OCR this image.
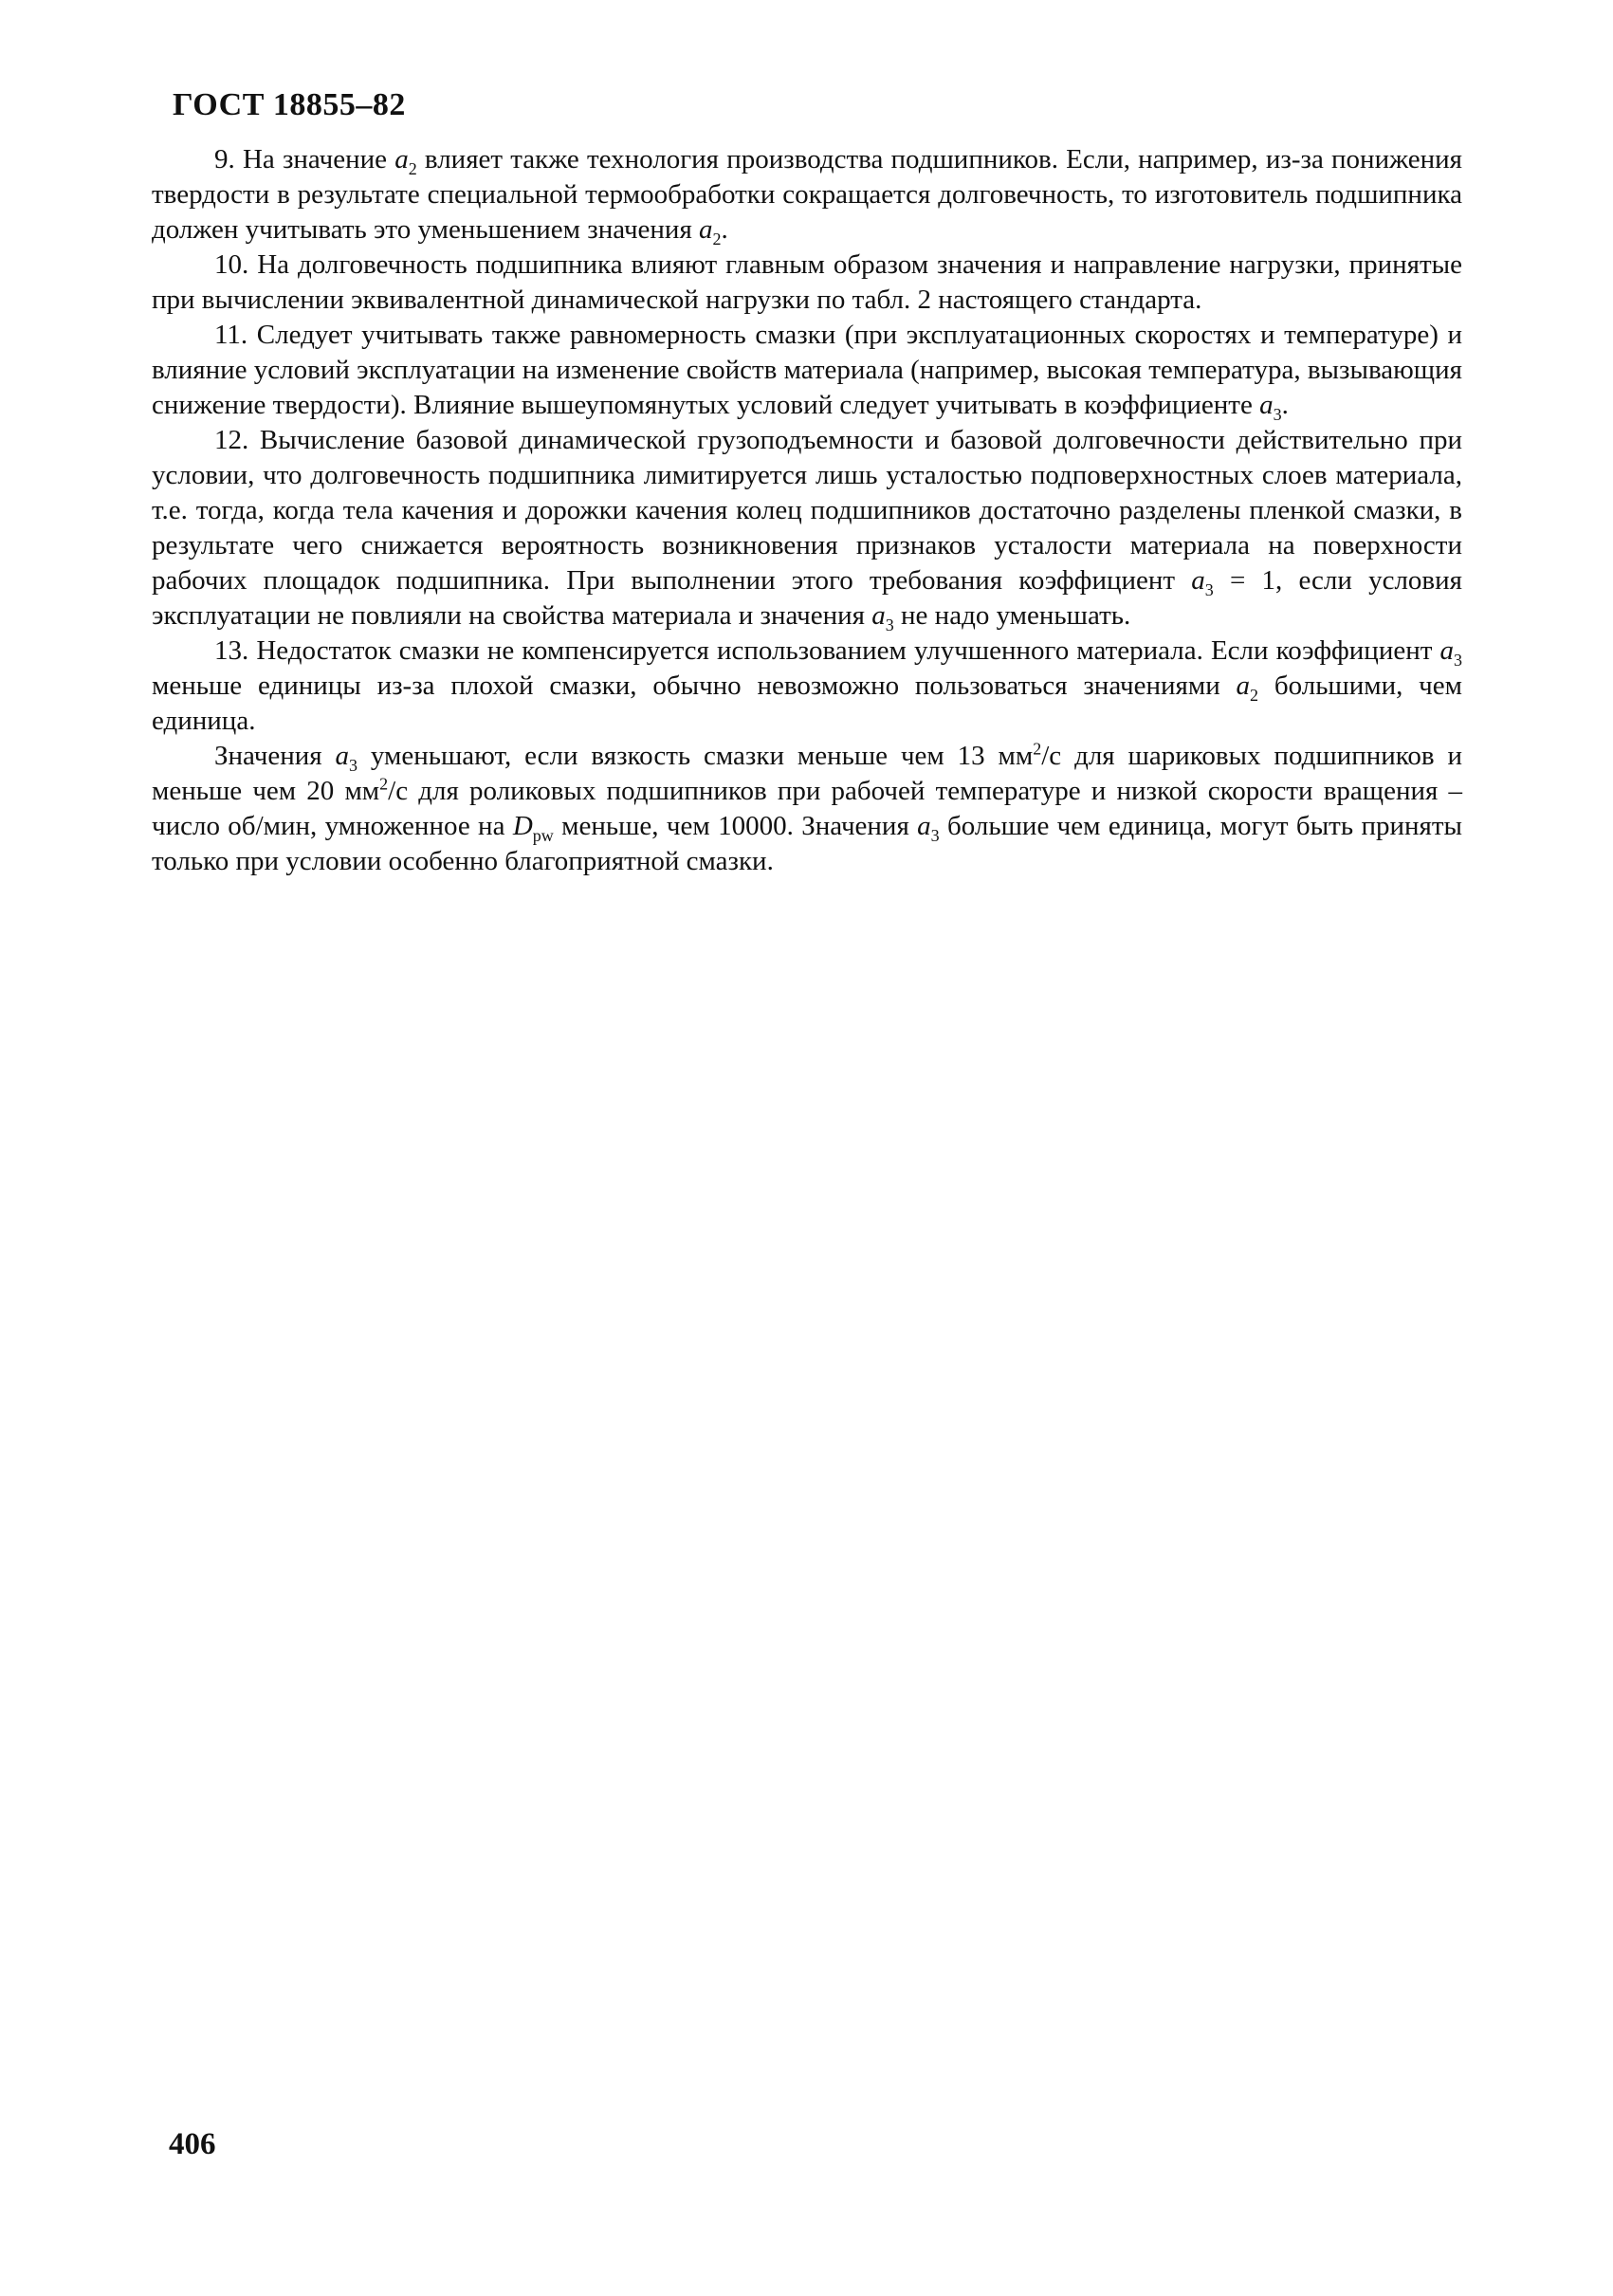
ГОСТ 18855–82

9. На значение $a_2$ влияет также технология производства подшипников. Если, например, из-за понижения твердости в результате специальной термообработки сокращается долговечность, то изготовитель подшипника должен учитывать это уменьшением значения $a_2$.

10. На долговечность подшипника влияют главным образом значения и направление нагрузки, принятые при вычислении эквивалентной динамической нагрузки по табл. 2 настоящего стандарта.

11. Следует учитывать также равномерность смазки (при эксплуатационных скоростях и температуре) и влияние условий эксплуатации на изменение свойств материала (например, высокая температура, вызывающия снижение твердости). Влияние вышеупомянутых условий следует учитывать в коэффициенте $a_3$.

12. Вычисление базовой динамической грузоподъемности и базовой долговечности действительно при условии, что долговечность подшипника лимитируется лишь усталостью подповерхностных слоев материала, т.е. тогда, когда тела качения и дорожки качения колец подшипников достаточно разделены пленкой смазки, в результате чего снижается вероятность возникновения признаков усталости материала на поверхности рабочих площадок подшипника. При выполнении этого требования коэффициент $a_3 = 1$, если условия эксплуатации не повлияли на свойства материала и значения $a_3$ не надо уменьшать.

13. Недостаток смазки не компенсируется использованием улучшенного материала. Если коэффициент $a_3$ меньше единицы из-за плохой смазки, обычно невозможно пользоваться значениями $a_2$ большими, чем единица.

Значения $a_3$ уменьшают, если вязкость смазки меньше чем 13 $мм^2/с$ для шариковых подшипников и меньше чем 20 $мм^2/с$ для роликовых подшипников при рабочей температуре и низкой скорости вращения – число об/мин, умноженное на $D_{pw}$ меньше, чем 10000. Значения $a_3$ большие чем единица, могут быть приняты только при условии особенно благоприятной смазки.

406
